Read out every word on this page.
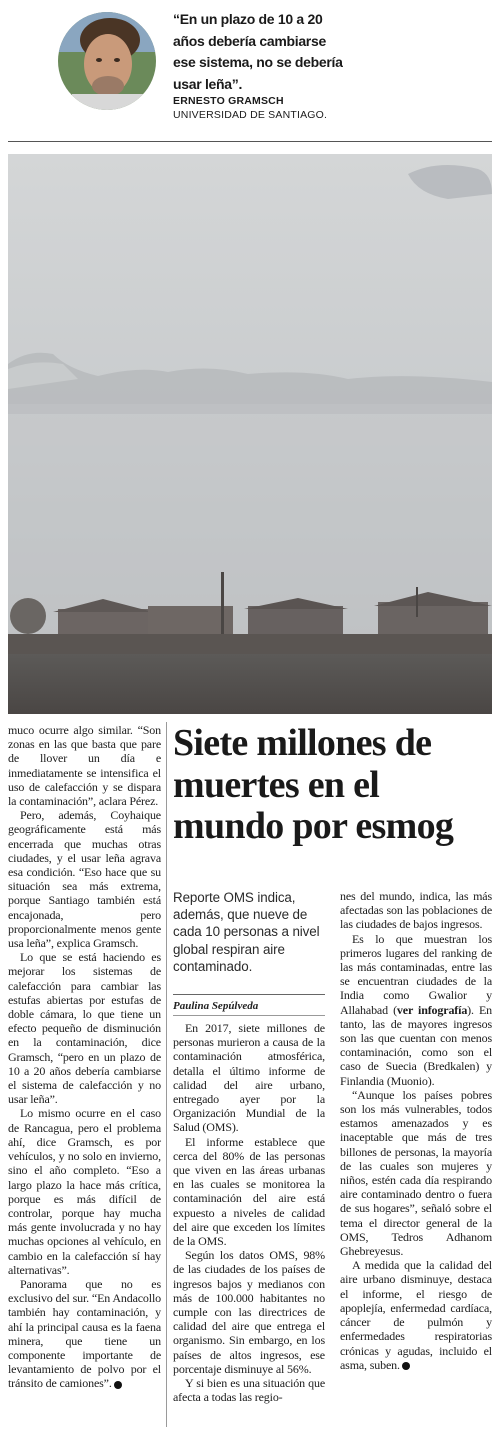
“En un plazo de 10 a 20 años debería cambiarse ese sistema, no se debería usar leña”.
ERNESTO GRAMSCH
UNIVERSIDAD DE SANTIAGO.

muco ocurre algo similar. “Son zonas en las que basta que pare de llover un día e inmediatamente se intensifica el uso de calefacción y se dispara la contaminación”, aclara Pérez.

Pero, además, Coyhaique geográficamente está más encerrada que muchas otras ciudades, y el usar leña agrava esa condición. “Eso hace que su situación sea más extrema, porque Santiago también está encajonada, pero proporcionalmente menos gente usa leña”, explica Gramsch.

Lo que se está haciendo es mejorar los sistemas de calefacción para cambiar las estufas abiertas por estufas de doble cámara, lo que tiene un efecto pequeño de disminución en la contaminación, dice Gramsch, “pero en un plazo de 10 a 20 años debería cambiarse el sistema de calefacción y no usar leña”.

Lo mismo ocurre en el caso de Rancagua, pero el problema ahí, dice Gramsch, es por vehículos, y no solo en invierno, sino el año completo. “Eso a largo plazo la hace más crítica, porque es más difícil de controlar, porque hay mucha más gente involucrada y no hay muchas opciones al vehículo, en cambio en la calefacción sí hay alternativas”.

Panorama que no es exclusivo del sur. “En Andacollo también hay contaminación, y ahí la principal causa es la faena minera, que tiene un componente importante de levantamiento de polvo por el tránsito de camiones”.

Siete millones de muertes en el mundo por esmog
Reporte OMS indica, además, que nueve de cada 10 personas a nivel global respiran aire contaminado.
Paulina Sepúlveda

En 2017, siete millones de personas murieron a causa de la contaminación atmosférica, detalla el último informe de calidad del aire urbano, entregado ayer por la Organización Mundial de la Salud (OMS).

El informe establece que cerca del 80% de las personas que viven en las áreas urbanas en las cuales se monitorea la contaminación del aire está expuesto a niveles de calidad del aire que exceden los límites de la OMS.

Según los datos OMS, 98% de las ciudades de los países de ingresos bajos y medianos con más de 100.000 habitantes no cumple con las directrices de calidad del aire que entrega el organismo. Sin embargo, en los países de altos ingresos, ese porcentaje disminuye al 56%.

Y si bien es una situación que afecta a todas las regio-

nes del mundo, indica, las más afectadas son las poblaciones de las ciudades de bajos ingresos.

Es lo que muestran los primeros lugares del ranking de las más contaminadas, entre las se encuentran ciudades de la India como Gwalior y Allahabad (ver infografía). En tanto, las de mayores ingresos son las que cuentan con menos contaminación, como son el caso de Suecia (Bredkalen) y Finlandia (Muonio).

“Aunque los países pobres son los más vulnerables, todos estamos amenazados y es inaceptable que más de tres billones de personas, la mayoría de las cuales son mujeres y niños, estén cada día respirando aire contaminado dentro o fuera de sus hogares”, señaló sobre el tema el director general de la OMS, Tedros Adhanom Ghebreyesus.

A medida que la calidad del aire urbano disminuye, destaca el informe, el riesgo de apoplejía, enfermedad cardíaca, cáncer de pulmón y enfermedades respiratorias crónicas y agudas, incluido el asma, suben.
